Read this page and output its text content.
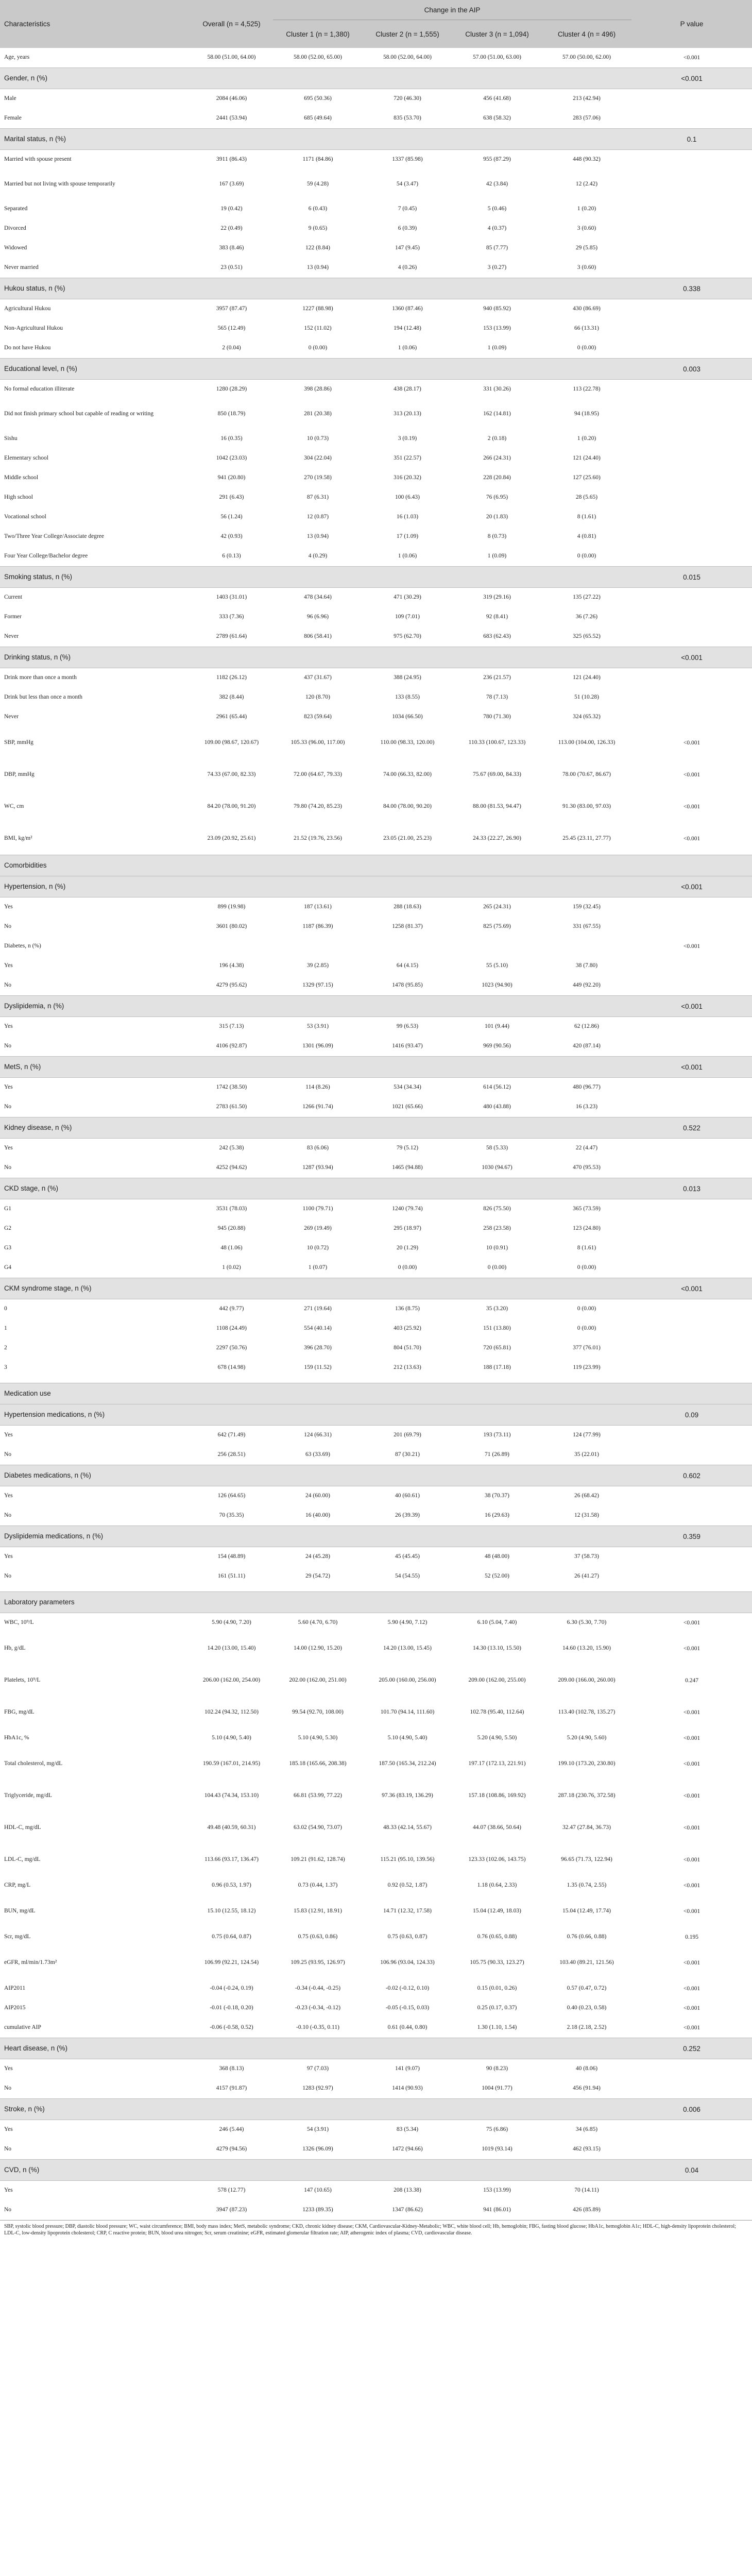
Characteristics	Overall (n = 4,525)	Change in the AIP				P value
		Cluster 1 (n = 1,380)	Cluster 2 (n = 1,555)	Cluster 3 (n = 1,094)	Cluster 4 (n = 496)	
Age, years	58.00 (51.00, 64.00)	58.00 (52.00, 65.00)	58.00 (52.00, 64.00)	57.00 (51.00, 63.00)	57.00 (50.00, 62.00)	<0.001
Gender, n (%)						<0.001
Male	2084 (46.06)	695 (50.36)	720 (46.30)	456 (41.68)	213 (42.94)	
Female	2441 (53.94)	685 (49.64)	835 (53.70)	638 (58.32)	283 (57.06)	
Marital status, n (%)						0.1
Married with spouse present	3911 (86.43)	1171 (84.86)	1337 (85.98)	955 (87.29)	448 (90.32)	
Married but not living with spouse temporarily	167 (3.69)	59 (4.28)	54 (3.47)	42 (3.84)	12 (2.42)	
Separated	19 (0.42)	6 (0.43)	7 (0.45)	5 (0.46)	1 (0.20)	
Divorced	22 (0.49)	9 (0.65)	6 (0.39)	4 (0.37)	3 (0.60)	
Widowed	383 (8.46)	122 (8.84)	147 (9.45)	85 (7.77)	29 (5.85)	
Never married	23 (0.51)	13 (0.94)	4 (0.26)	3 (0.27)	3 (0.60)	
Hukou status, n (%)						0.338
Agricultural Hukou	3957 (87.47)	1227 (88.98)	1360 (87.46)	940 (85.92)	430 (86.69)	
Non-Agricultural Hukou	565 (12.49)	152 (11.02)	194 (12.48)	153 (13.99)	66 (13.31)	
Do not have Hukou	2 (0.04)	0 (0.00)	1 (0.06)	1 (0.09)	0 (0.00)	
Educational level, n (%)						0.003
No formal education illiterate	1280 (28.29)	398 (28.86)	438 (28.17)	331 (30.26)	113 (22.78)	
Did not finish primary school but capable of reading or writing	850 (18.79)	281 (20.38)	313 (20.13)	162 (14.81)	94 (18.95)	
Sishu	16 (0.35)	10 (0.73)	3 (0.19)	2 (0.18)	1 (0.20)	
Elementary school	1042 (23.03)	304 (22.04)	351 (22.57)	266 (24.31)	121 (24.40)	
Middle school	941 (20.80)	270 (19.58)	316 (20.32)	228 (20.84)	127 (25.60)	
High school	291 (6.43)	87 (6.31)	100 (6.43)	76 (6.95)	28 (5.65)	
Vocational school	56 (1.24)	12 (0.87)	16 (1.03)	20 (1.83)	8 (1.61)	
Two/Three Year College/Associate degree	42 (0.93)	13 (0.94)	17 (1.09)	8 (0.73)	4 (0.81)	
Four Year College/Bachelor degree	6 (0.13)	4 (0.29)	1 (0.06)	1 (0.09)	0 (0.00)	
Smoking status, n (%)						0.015
Current	1403 (31.01)	478 (34.64)	471 (30.29)	319 (29.16)	135 (27.22)	
Former	333 (7.36)	96 (6.96)	109 (7.01)	92 (8.41)	36 (7.26)	
Never	2789 (61.64)	806 (58.41)	975 (62.70)	683 (62.43)	325 (65.52)	
Drinking status, n (%)						<0.001
Drink more than once a month	1182 (26.12)	437 (31.67)	388 (24.95)	236 (21.57)	121 (24.40)	
Drink but less than once a month	382 (8.44)	120 (8.70)	133 (8.55)	78 (7.13)	51 (10.28)	
Never	2961 (65.44)	823 (59.64)	1034 (66.50)	780 (71.30)	324 (65.32)	
SBP, mmHg	109.00 (98.67, 120.67)	105.33 (96.00, 117.00)	110.00 (98.33, 120.00)	110.33 (100.67, 123.33)	113.00 (104.00, 126.33)	<0.001
DBP, mmHg	74.33 (67.00, 82.33)	72.00 (64.67, 79.33)	74.00 (66.33, 82.00)	75.67 (69.00, 84.33)	78.00 (70.67, 86.67)	<0.001
WC, cm	84.20 (78.00, 91.20)	79.80 (74.20, 85.23)	84.00 (78.00, 90.20)	88.00 (81.53, 94.47)	91.30 (83.00, 97.03)	<0.001
BMI, kg/m²	23.09 (20.92, 25.61)	21.52 (19.76, 23.56)	23.05 (21.00, 25.23)	24.33 (22.27, 26.90)	25.45 (23.11, 27.77)	<0.001
Comorbidities						
Hypertension, n (%)						<0.001
Yes	899 (19.98)	187 (13.61)	288 (18.63)	265 (24.31)	159 (32.45)	
No	3601 (80.02)	1187 (86.39)	1258 (81.37)	825 (75.69)	331 (67.55)	
Diabetes, n (%)						<0.001
Yes	196 (4.38)	39 (2.85)	64 (4.15)	55 (5.10)	38 (7.80)	
No	4279 (95.62)	1329 (97.15)	1478 (95.85)	1023 (94.90)	449 (92.20)	
Dyslipidemia, n (%)						<0.001
Yes	315 (7.13)	53 (3.91)	99 (6.53)	101 (9.44)	62 (12.86)	
No	4106 (92.87)	1301 (96.09)	1416 (93.47)	969 (90.56)	420 (87.14)	
MetS, n (%)						<0.001
Yes	1742 (38.50)	114 (8.26)	534 (34.34)	614 (56.12)	480 (96.77)	
No	2783 (61.50)	1266 (91.74)	1021 (65.66)	480 (43.88)	16 (3.23)	
Kidney disease, n (%)						0.522
Yes	242 (5.38)	83 (6.06)	79 (5.12)	58 (5.33)	22 (4.47)	
No	4252 (94.62)	1287 (93.94)	1465 (94.88)	1030 (94.67)	470 (95.53)	
CKD stage, n (%)						0.013
G1	3531 (78.03)	1100 (79.71)	1240 (79.74)	826 (75.50)	365 (73.59)	
G2	945 (20.88)	269 (19.49)	295 (18.97)	258 (23.58)	123 (24.80)	
G3	48 (1.06)	10 (0.72)	20 (1.29)	10 (0.91)	8 (1.61)	
G4	1 (0.02)	1 (0.07)	0 (0.00)	0 (0.00)	0 (0.00)	
CKM syndrome stage, n (%)						<0.001
0	442 (9.77)	271 (19.64)	136 (8.75)	35 (3.20)	0 (0.00)	
1	1108 (24.49)	554 (40.14)	403 (25.92)	151 (13.80)	0 (0.00)	
2	2297 (50.76)	396 (28.70)	804 (51.70)	720 (65.81)	377 (76.01)	
3	678 (14.98)	159 (11.52)	212 (13.63)	188 (17.18)	119 (23.99)	

Medication use						
Hypertension medications, n (%)						0.09
Yes	642 (71.49)	124 (66.31)	201 (69.79)	193 (73.11)	124 (77.99)	
No	256 (28.51)	63 (33.69)	87 (30.21)	71 (26.89)	35 (22.01)	
Diabetes medications, n (%)						0.602
Yes	126 (64.65)	24 (60.00)	40 (60.61)	38 (70.37)	26 (68.42)	
No	70 (35.35)	16 (40.00)	26 (39.39)	16 (29.63)	12 (31.58)	
Dyslipidemia medications, n (%)						0.359
Yes	154 (48.89)	24 (45.28)	45 (45.45)	48 (48.00)	37 (58.73)	
No	161 (51.11)	29 (54.72)	54 (54.55)	52 (52.00)	26 (41.27)	

Laboratory parameters						
WBC, 10⁹/L	5.90 (4.90, 7.20)	5.60 (4.70, 6.70)	5.90 (4.90, 7.12)	6.10 (5.04, 7.40)	6.30 (5.30, 7.70)	<0.001
Hb, g/dL	14.20 (13.00, 15.40)	14.00 (12.90, 15.20)	14.20 (13.00, 15.45)	14.30 (13.10, 15.50)	14.60 (13.20, 15.90)	<0.001
Platelets, 10⁹/L	206.00 (162.00, 254.00)	202.00 (162.00, 251.00)	205.00 (160.00, 256.00)	209.00 (162.00, 255.00)	209.00 (166.00, 260.00)	0.247
FBG, mg/dL	102.24 (94.32, 112.50)	99.54 (92.70, 108.00)	101.70 (94.14, 111.60)	102.78 (95.40, 112.64)	113.40 (102.78, 135.27)	<0.001
HbA1c, %	5.10 (4.90, 5.40)	5.10 (4.90, 5.30)	5.10 (4.90, 5.40)	5.20 (4.90, 5.50)	5.20 (4.90, 5.60)	<0.001
Total cholesterol, mg/dL	190.59 (167.01, 214.95)	185.18 (165.66, 208.38)	187.50 (165.34, 212.24)	197.17 (172.13, 221.91)	199.10 (173.20, 230.80)	<0.001
Triglyceride, mg/dL	104.43 (74.34, 153.10)	66.81 (53.99, 77.22)	97.36 (83.19, 136.29)	157.18 (108.86, 169.92)	287.18 (230.76, 372.58)	<0.001
HDL-C, mg/dL	49.48 (40.59, 60.31)	63.02 (54.90, 73.07)	48.33 (42.14, 55.67)	44.07 (38.66, 50.64)	32.47 (27.84, 36.73)	<0.001
LDL-C, mg/dL	113.66 (93.17, 136.47)	109.21 (91.62, 128.74)	115.21 (95.10, 139.56)	123.33 (102.06, 143.75)	96.65 (71.73, 122.94)	<0.001
CRP, mg/L	0.96 (0.53, 1.97)	0.73 (0.44, 1.37)	0.92 (0.52, 1.87)	1.18 (0.64, 2.33)	1.35 (0.74, 2.55)	<0.001
BUN, mg/dL	15.10 (12.55, 18.12)	15.83 (12.91, 18.91)	14.71 (12.32, 17.58)	15.04 (12.49, 18.03)	15.04 (12.49, 17.74)	<0.001
Scr, mg/dL	0.75 (0.64, 0.87)	0.75 (0.63, 0.86)	0.75 (0.63, 0.87)	0.76 (0.65, 0.88)	0.76 (0.66, 0.88)	0.195
eGFR, ml/min/1.73m²	106.99 (92.21, 124.54)	109.25 (93.95, 126.97)	106.96 (93.04, 124.33)	105.75 (90.33, 123.27)	103.40 (89.21, 121.56)	<0.001
AIP2011	-0.04 (-0.24, 0.19)	-0.34 (-0.44, -0.25)	-0.02 (-0.12, 0.10)	0.15 (0.01, 0.26)	0.57 (0.47, 0.72)	<0.001
AIP2015	-0.01 (-0.18, 0.20)	-0.23 (-0.34, -0.12)	-0.05 (-0.15, 0.03)	0.25 (0.17, 0.37)	0.40 (0.23, 0.58)	<0.001
cumulative AIP	-0.06 (-0.58, 0.52)	-0.10 (-0.35, 0.11)	0.61 (0.44, 0.80)	1.30 (1.10, 1.54)	2.18 (2.18, 2.52)	<0.001
Heart disease, n (%)						0.252
Yes	368 (8.13)	97 (7.03)	141 (9.07)	90 (8.23)	40 (8.06)	
No	4157 (91.87)	1283 (92.97)	1414 (90.93)	1004 (91.77)	456 (91.94)	
Stroke, n (%)						0.006
Yes	246 (5.44)	54 (3.91)	83 (5.34)	75 (6.86)	34 (6.85)	
No	4279 (94.56)	1326 (96.09)	1472 (94.66)	1019 (93.14)	462 (93.15)	
CVD, n (%)						0.04
Yes	578 (12.77)	147 (10.65)	208 (13.38)	153 (13.99)	70 (14.11)	
No	3947 (87.23)	1233 (89.35)	1347 (86.62)	941 (86.01)	426 (85.89)	
SBP, systolic blood pressure; DBP, diastolic blood pressure; WC, waist circumference; BMI, body mass index; MetS, metabolic syndrome; CKD, chronic kidney disease; CKM, Cardiovascular-Kidney-Metabolic; WBC, white blood cell; Hb, hemoglobin; FBG, fasting blood glucose; HbA1c, hemoglobin A1c; HDL-C, high-density lipoprotein cholesterol; LDL-C, low-density lipoprotein cholesterol; CRP, C reactive protein; BUN, blood urea nitrogen; Scr, serum creatinine; eGFR, estimated glomerular filtration rate; AIP, atherogenic index of plasma; CVD, cardiovascular disease.
